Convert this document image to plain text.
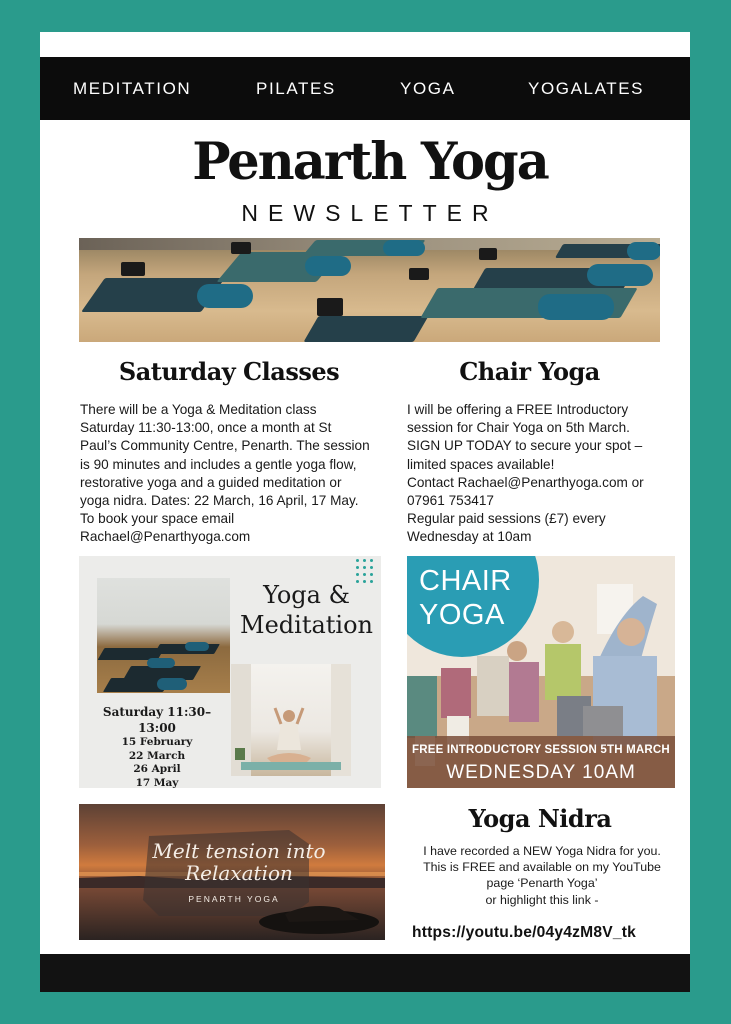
MEDITATION	PILATES	YOGA	YOGALATES
Penarth Yoga
NEWSLETTER
Saturday Classes

There will be a Yoga & Meditation class
Saturday 11:30-13:00, once a month at St
Paul’s Community Centre, Penarth. The session
is 90 minutes and includes a gentle yoga flow,
restorative yoga and a guided meditation or
yoga nidra. Dates: 22 March, 16 April, 17 May.
To book your space email
Rachael@Penarthyoga.com

Chair Yoga

I will be offering a FREE Introductory
session for Chair Yoga on 5th March.
SIGN UP TODAY to secure your spot –
limited spaces available!
Contact Rachael@Penarthyoga.com or
07961 753417
Regular paid sessions (£7) every
Wednesday at 10am

Yoga &
Meditation
Saturday 11:30–13:00
15 February
22 March
26 April
17 May
CHAIR
YOGA
FREE INTRODUCTORY SESSION 5TH MARCH
WEDNESDAY 10AM
Melt tension into
Relaxation
PENARTH YOGA
Yoga Nidra

I have recorded a NEW Yoga Nidra for you.
This is FREE and available on my YouTube
page ‘Penarth Yoga’
or highlight this link -

https://youtu.be/04y4zM8V_tk
